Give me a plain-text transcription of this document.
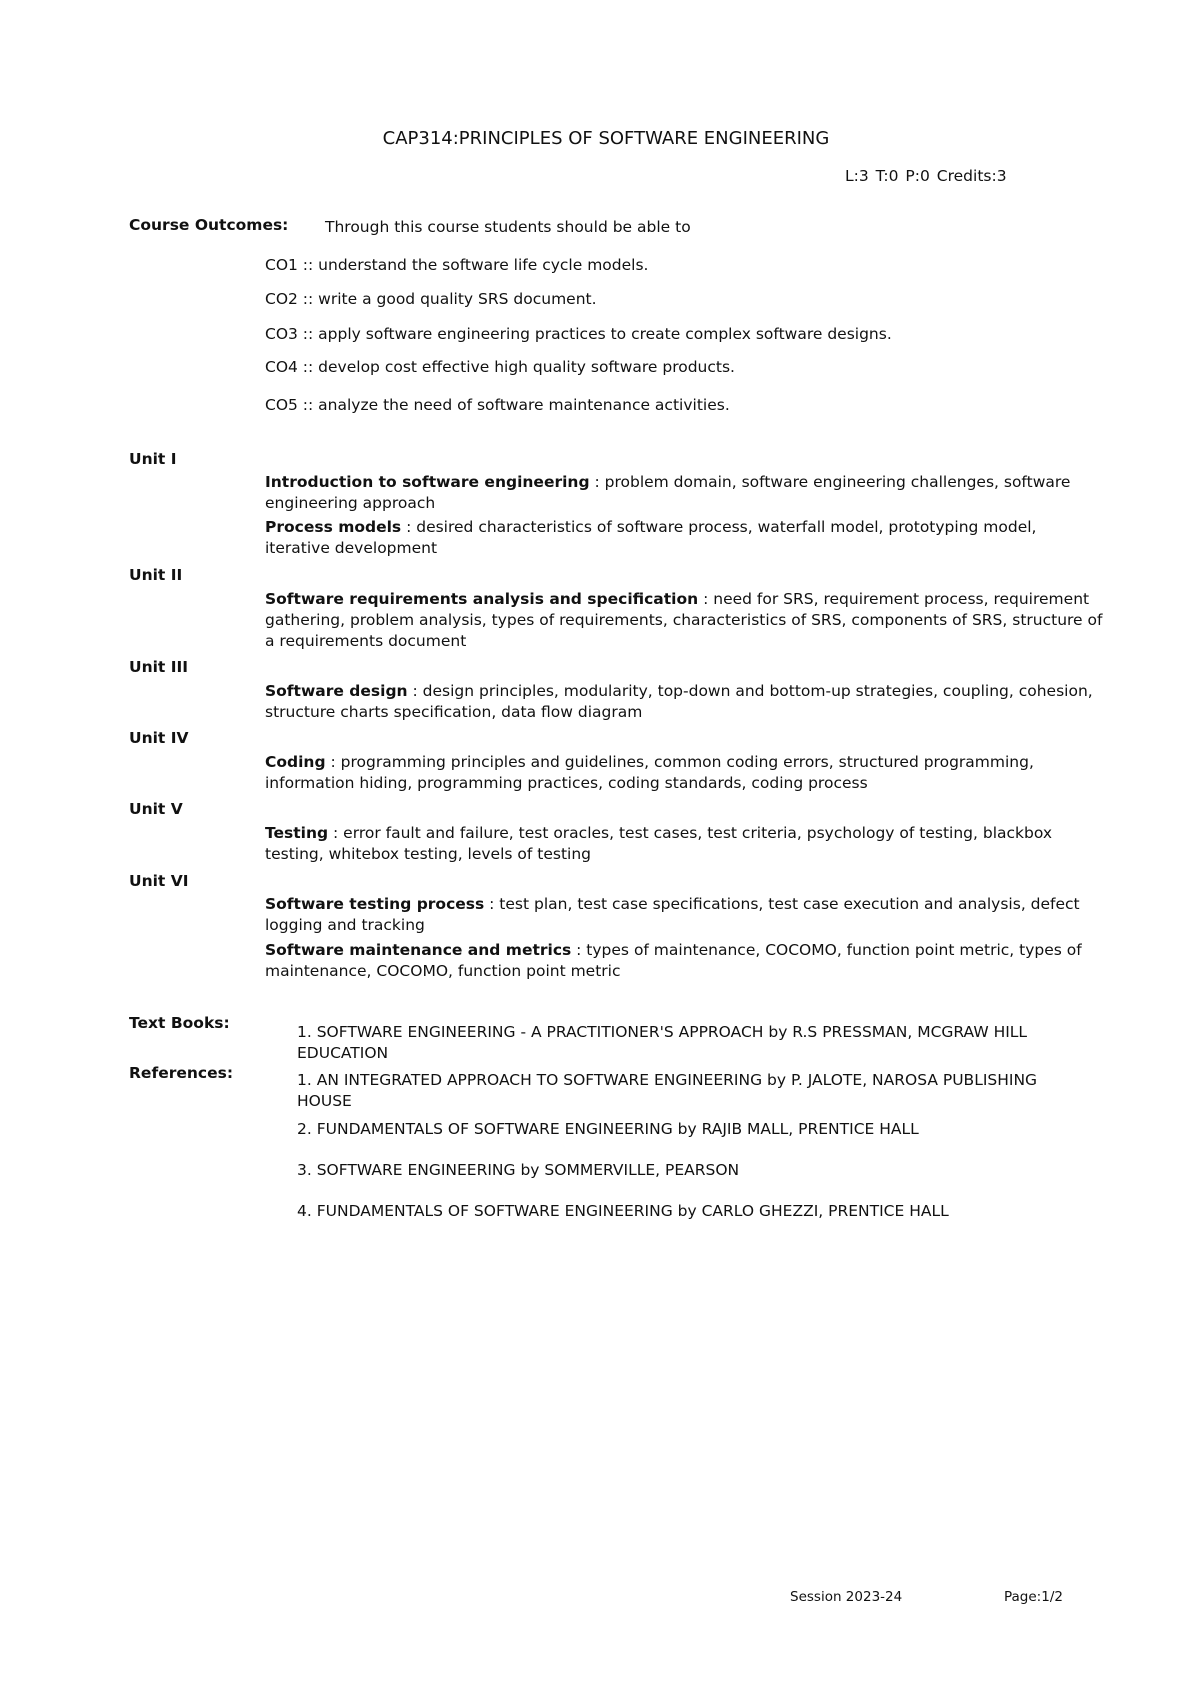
CAP314:PRINCIPLES OF SOFTWARE ENGINEERING
L:3 T:0 P:0 Credits:3
Course Outcomes: Through this course students should be able to
CO1 :: understand the software life cycle models.
CO2 :: write a good quality SRS document.
CO3 :: apply software engineering practices to create complex software designs.
CO4 :: develop cost effective high quality software products.
CO5 :: analyze the need of software maintenance activities.
Unit I
Introduction to software engineering : problem domain, software engineering challenges, software engineering approach
Process models : desired characteristics of software process, waterfall model, prototyping model, iterative development
Unit II
Software requirements analysis and specification : need for SRS, requirement process, requirement gathering, problem analysis, types of requirements, characteristics of SRS, components of SRS, structure of a requirements document
Unit III
Software design : design principles, modularity, top-down and bottom-up strategies, coupling, cohesion, structure charts specification, data flow diagram
Unit IV
Coding : programming principles and guidelines, common coding errors, structured programming, information hiding, programming practices, coding standards, coding process
Unit V
Testing : error fault and failure, test oracles, test cases, test criteria, psychology of testing, blackbox testing, whitebox testing, levels of testing
Unit VI
Software testing process : test plan, test case specifications, test case execution and analysis, defect logging and tracking
Software maintenance and metrics : types of maintenance, COCOMO, function point metric, types of maintenance, COCOMO, function point metric
Text Books:	1. SOFTWARE ENGINEERING - A PRACTITIONER'S APPROACH by R.S PRESSMAN, MCGRAW HILL EDUCATION
References:	1. AN INTEGRATED APPROACH TO SOFTWARE ENGINEERING by P. JALOTE, NAROSA PUBLISHING HOUSE
2. FUNDAMENTALS OF SOFTWARE ENGINEERING by RAJIB MALL, PRENTICE HALL
3. SOFTWARE ENGINEERING by SOMMERVILLE, PEARSON
4. FUNDAMENTALS OF SOFTWARE ENGINEERING by CARLO GHEZZI, PRENTICE HALL
Session 2023-24	Page:1/2
